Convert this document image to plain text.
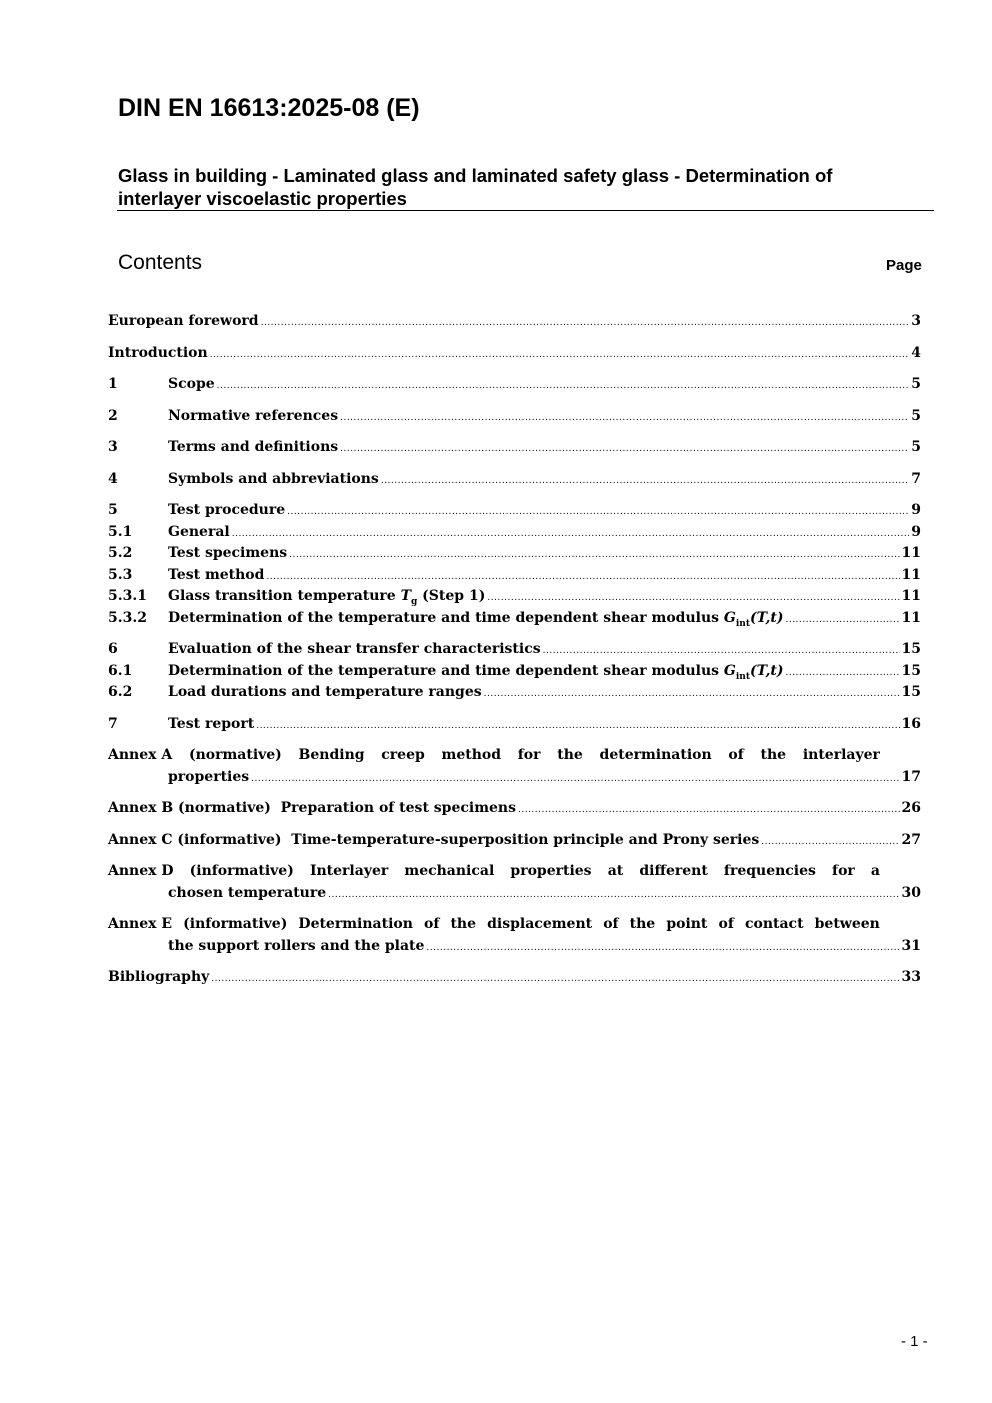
DIN EN 16613:2025-08 (E)
Glass in building - Laminated glass and laminated safety glass - Determination of interlayer viscoelastic properties
Contents	Page
European foreword .....	3
Introduction .....	4
1	Scope .....	5
2	Normative references .....	5
3	Terms and definitions .....	5
4	Symbols and abbreviations .....	7
5	Test procedure .....	9
5.1	General .....	9
5.2	Test specimens .....	11
5.3	Test method .....	11
5.3.1	Glass transition temperature $T_g$ (Step 1) .....	11
5.3.2	Determination of the temperature and time dependent shear modulus $G_{int}(T,t)$ .....	11
6	Evaluation of the shear transfer characteristics .....	15
6.1	Determination of the temperature and time dependent shear modulus $G_{int}(T,t)$ .....	15
6.2	Load durations and temperature ranges .....	15
7	Test report .....	16
Annex A (normative) Bending creep method for the determination of the interlayer
properties .....	17
Annex B (normative)  Preparation of test specimens .....	26
Annex C (informative)  Time-temperature-superposition principle and Prony series .....	27
Annex D (informative) Interlayer mechanical properties at different frequencies for a
chosen temperature .....	30
Annex E (informative) Determination of the displacement of the point of contact between
the support rollers and the plate .....	31
Bibliography .....	33
- 1 -
